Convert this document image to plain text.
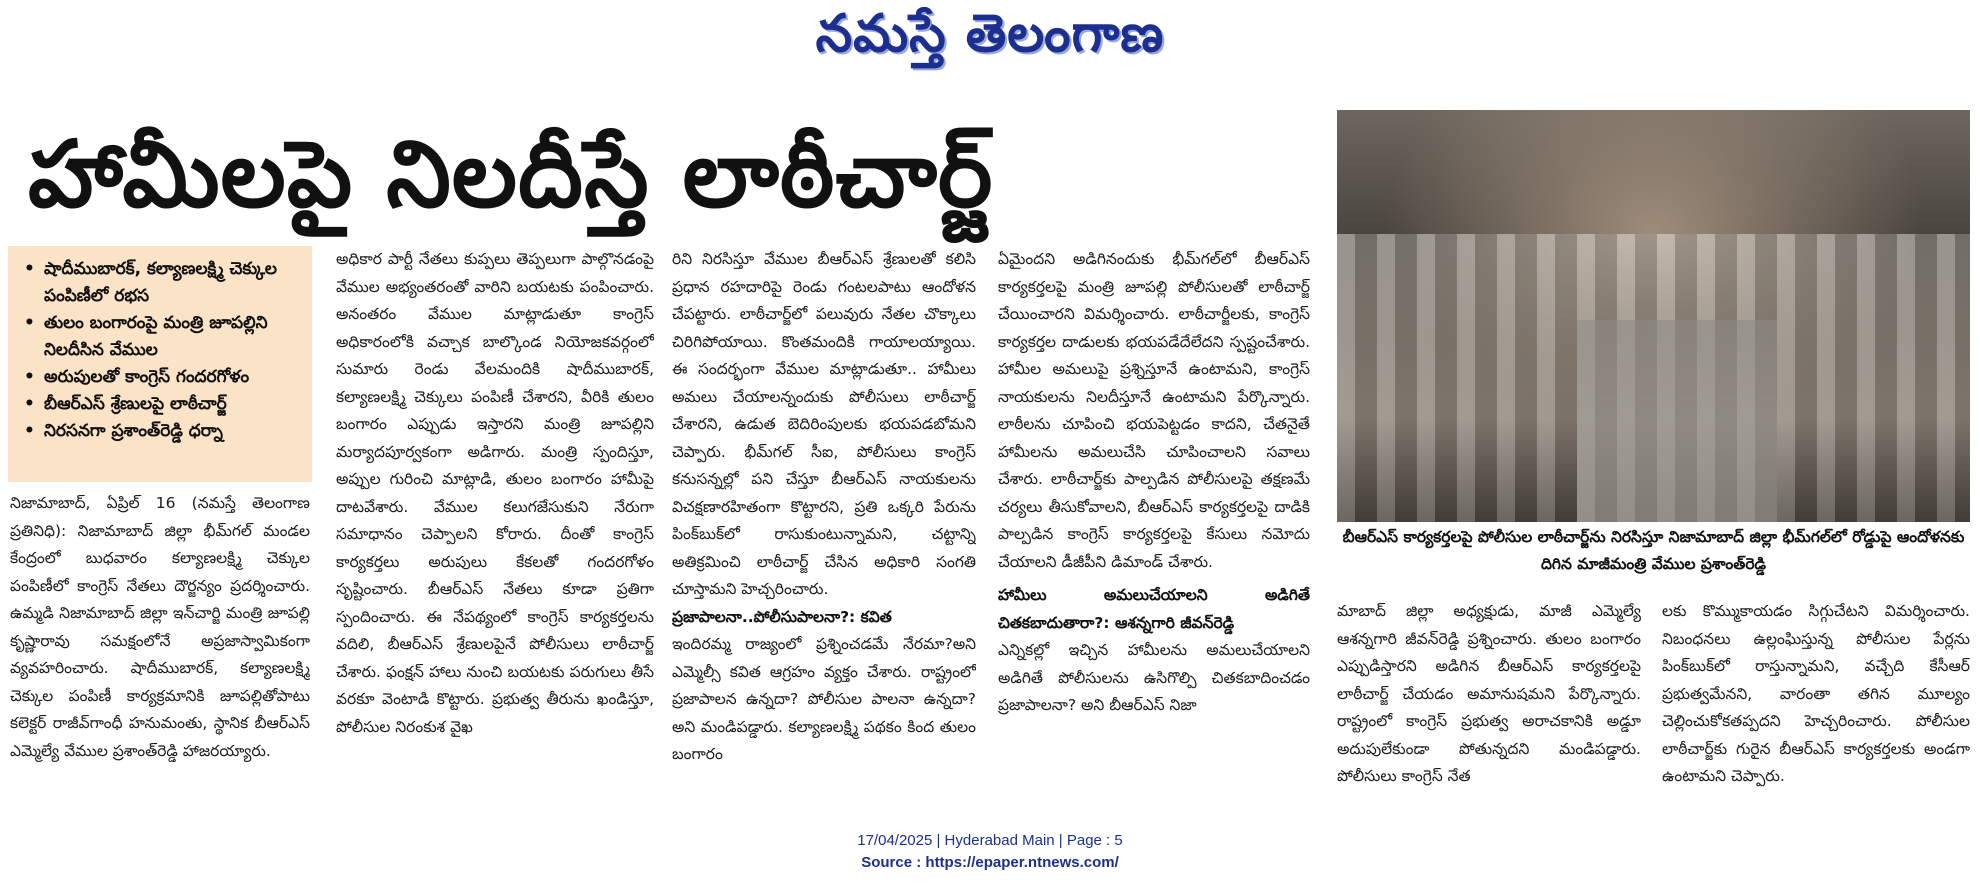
నమస్తే తెలంగాణ
హామీలపై నిలదీస్తే లాఠీచార్జ్
• షాదీముబారక్, కల్యాణలక్ష్మి చెక్కుల పంపిణీలో రభస
• తులం బంగారంపై మంత్రి జూపల్లిని నిలదీసిన వేముల
• అరుపులతో కాంగ్రెస్ గందరగోళం
• బీఆర్ఎస్ శ్రేణులపై లాఠీచార్జ్
• నిరసనగా ప్రశాంత్‌రెడ్డి ధర్నా

నిజామాబాద్, ఏప్రిల్ 16 (నమస్తే తెలంగాణ ప్రతినిధి): నిజామాబాద్ జిల్లా భీమ్‌గల్ మండల కేంద్రంలో బుధవారం కల్యాణలక్ష్మి చెక్కుల పంపిణీలో కాంగ్రెస్ నేతలు దౌర్జన్యం ప్రదర్శించారు. ఉమ్మడి నిజామాబాద్ జిల్లా ఇన్‌చార్జి మంత్రి జూపల్లి కృష్ణారావు సమక్షంలోనే అప్రజాస్వామికంగా వ్యవహరించారు. షాదీముబారక్, కల్యాణలక్ష్మి చెక్కుల పంపిణీ కార్యక్రమానికి జూపల్లితోపాటు కలెక్టర్ రాజీవ్‌గాంధీ హనుమంతు, స్థానిక బీఆర్ఎస్ ఎమ్మెల్యే వేముల ప్రశాంత్‌రెడ్డి హాజరయ్యారు.

అధికార పార్టీ నేతలు కుప్పలు తెప్పలుగా పాల్గొనడంపై వేముల అభ్యంతరంతో వారిని బయటకు పంపించారు. అనంతరం వేముల మాట్లాడుతూ కాంగ్రెస్ అధికారంలోకి వచ్చాక బాల్కొండ నియోజకవర్గంలో సుమారు రెండు వేలమందికి షాదీముబారక్, కల్యాణలక్ష్మి చెక్కులు పంపిణీ చేశారని, వీరికి తులం బంగారం ఎప్పుడు ఇస్తారని మంత్రి జూపల్లిని మర్యాదపూర్వకంగా అడిగారు. మంత్రి స్పందిస్తూ, అప్పుల గురించి మాట్లాడి, తులం బంగారం హామీపై దాటవేశారు. వేముల కలుగజేసుకుని నేరుగా సమాధానం చెప్పాలని కోరారు. దీంతో కాంగ్రెస్ కార్యకర్తలు అరుపులు కేకలతో గందరగోళం సృష్టించారు. బీఆర్ఎస్ నేతలు కూడా ప్రతిగా స్పందించారు. ఈ నేపథ్యంలో కాంగ్రెస్ కార్యకర్తలను వదిలి, బీఆర్ఎస్ శ్రేణులపైనే పోలీసులు లాఠీచార్జ్ చేశారు. ఫంక్షన్ హాలు నుంచి బయటకు పరుగులు తీసే వరకూ వెంటాడి కొట్టారు. ప్రభుత్వ తీరును ఖండిస్తూ, పోలీసుల నిరంకుశ వైఖ

రిని నిరసిస్తూ వేముల బీఆర్ఎస్ శ్రేణులతో కలిసి ప్రధాన రహదారిపై రెండు గంటలపాటు ఆందోళన చేపట్టారు. లాఠీచార్జ్‌లో పలువురు నేతల చొక్కాలు చిరిగిపోయాయి. కొంతమందికి గాయాలయ్యాయి. ఈ సందర్భంగా వేముల మాట్లాడుతూ.. హామీలు అమలు చేయాలన్నందుకు పోలీసులు లాఠీచార్జ్ చేశారని, ఉడుత బెదిరింపులకు భయపడబోమని చెప్పారు. భీమ్‌గల్ సీఐ, పోలీసులు కాంగ్రెస్ కనుసన్నల్లో పని చేస్తూ బీఆర్ఎస్ నాయకులను విచక్షణారహితంగా కొట్టారని, ప్రతి ఒక్కరి పేరును పింక్‌బుక్‌లో రాసుకుంటున్నామని, చట్టాన్ని అతిక్రమించి లాఠీచార్జ్ చేసిన అధికారి సంగతి చూస్తామని హెచ్చరించారు.

ప్రజాపాలనా..పోలీసుపాలనా?: కవిత

ఇందిరమ్మ రాజ్యంలో ప్రశ్నించడమే నేరమా?అని ఎమ్మెల్సీ కవిత ఆగ్రహం వ్యక్తం చేశారు. రాష్ట్రంలో ప్రజాపాలన ఉన్నదా? పోలీసుల పాలనా ఉన్నదా? అని మండిపడ్డారు. కల్యాణలక్ష్మి పథకం కింద తులం బంగారం

ఏమైందని అడిగినందుకు భీమ్‌గల్‌లో బీఆర్ఎస్ కార్యకర్తలపై మంత్రి జూపల్లి పోలీసులతో లాఠీచార్జ్ చేయించారని విమర్శించారు. లాఠీచార్జీలకు, కాంగ్రెస్ కార్యకర్తల దాడులకు భయపడేదేలేదని స్పష్టంచేశారు. హామీల అమలుపై ప్రశ్నిస్తూనే ఉంటామని, కాంగ్రెస్ నాయకులను నిలదీస్తూనే ఉంటామని పేర్కొన్నారు. లాఠీలను చూపించి భయపెట్టడం కాదని, చేతనైతే హామీలను అమలుచేసి చూపించాలని సవాలు చేశారు. లాఠీచార్జ్‌కు పాల్పడిన పోలీసులపై తక్షణమే చర్యలు తీసుకోవాలని, బీఆర్ఎస్ కార్యకర్తలపై దాడికి పాల్పడిన కాంగ్రెస్ కార్యకర్తలపై కేసులు నమోదు చేయాలని డీజీపీని డిమాండ్ చేశారు.

హామీలు అమలుచేయాలని అడిగితే చితకబాదుతారా?: ఆశన్నగారి జీవన్‌రెడ్డి

ఎన్నికల్లో ఇచ్చిన హామీలను అమలుచేయాలని అడిగితే పోలీసులను ఉసిగొల్పి చితకబాదించడం ప్రజాపాలనా? అని బీఆర్ఎస్ నిజా

బీఆర్ఎస్ కార్యకర్తలపై పోలీసుల లాఠీచార్జ్‌ను నిరసిస్తూ నిజామాబాద్ జిల్లా భీమ్‌గల్‌లో రోడ్డుపై ఆందోళనకు దిగిన మాజీమంత్రి వేముల ప్రశాంత్‌రెడ్డి

మాబాద్ జిల్లా అధ్యక్షుడు, మాజీ ఎమ్మెల్యే ఆశన్నగారి జీవన్‌రెడ్డి ప్రశ్నించారు. తులం బంగారం ఎప్పుడిస్తారని అడిగిన బీఆర్ఎస్ కార్యకర్తలపై లాఠీచార్జ్ చేయడం అమానుషమని పేర్కొన్నారు. రాష్ట్రంలో కాంగ్రెస్ ప్రభుత్వ అరాచకానికి అడ్డూ అదుపులేకుండా పోతున్నదని మండిపడ్డారు. పోలీసులు కాంగ్రెస్ నేత

లకు కొమ్ముకాయడం సిగ్గుచేటని విమర్శించారు. నిబంధనలు ఉల్లంఘిస్తున్న పోలీసుల పేర్లను పింక్‌బుక్‌లో రాస్తున్నామని, వచ్చేది కేసీఆర్ ప్రభుత్వమేనని, వారంతా తగిన మూల్యం చెల్లించుకోకతప్పదని హెచ్చరించారు. పోలీసుల లాఠీచార్జ్‌కు గురైన బీఆర్ఎస్ కార్యకర్తలకు అండగా ఉంటామని చెప్పారు.

17/04/2025 | Hyderabad Main | Page : 5
Source : https://epaper.ntnews.com/
